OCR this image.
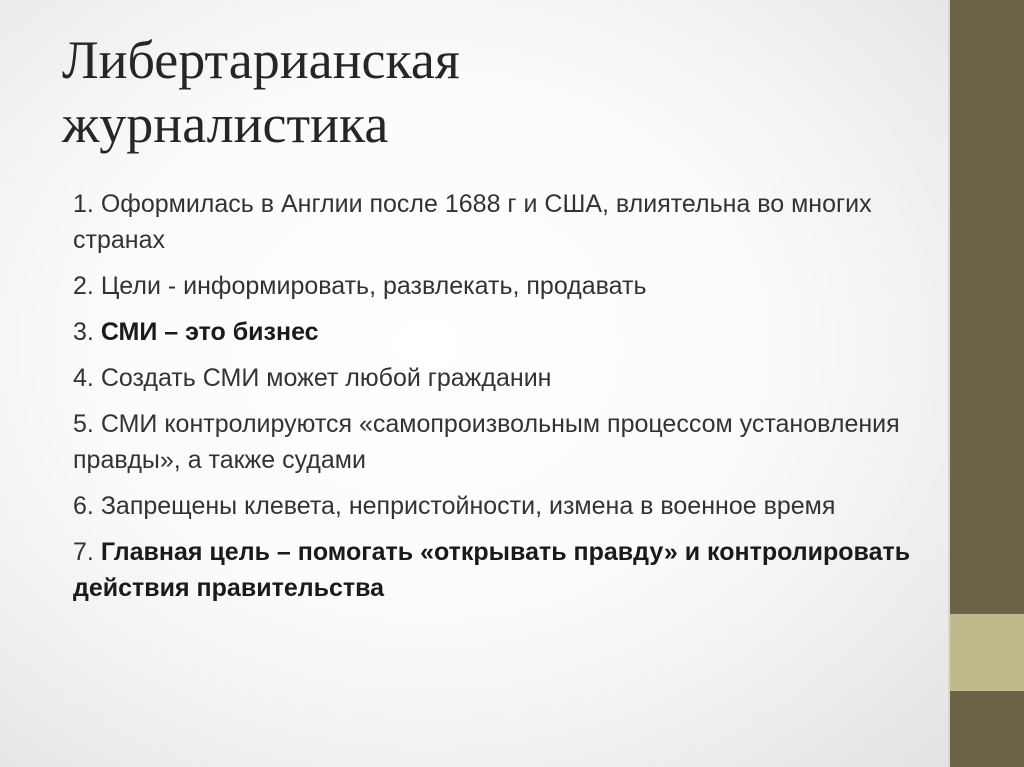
Либертарианская
журналистика
1. Оформилась в Англии после 1688 г и США, влиятельна во многих странах
2. Цели - информировать, развлекать, продавать
3. СМИ – это бизнес
4. Создать СМИ может любой гражданин
5. СМИ контролируются «самопроизвольным процессом установления правды», а также судами
6. Запрещены клевета, непристойности, измена в военное время
7. Главная цель – помогать «открывать правду» и контролировать действия правительства
